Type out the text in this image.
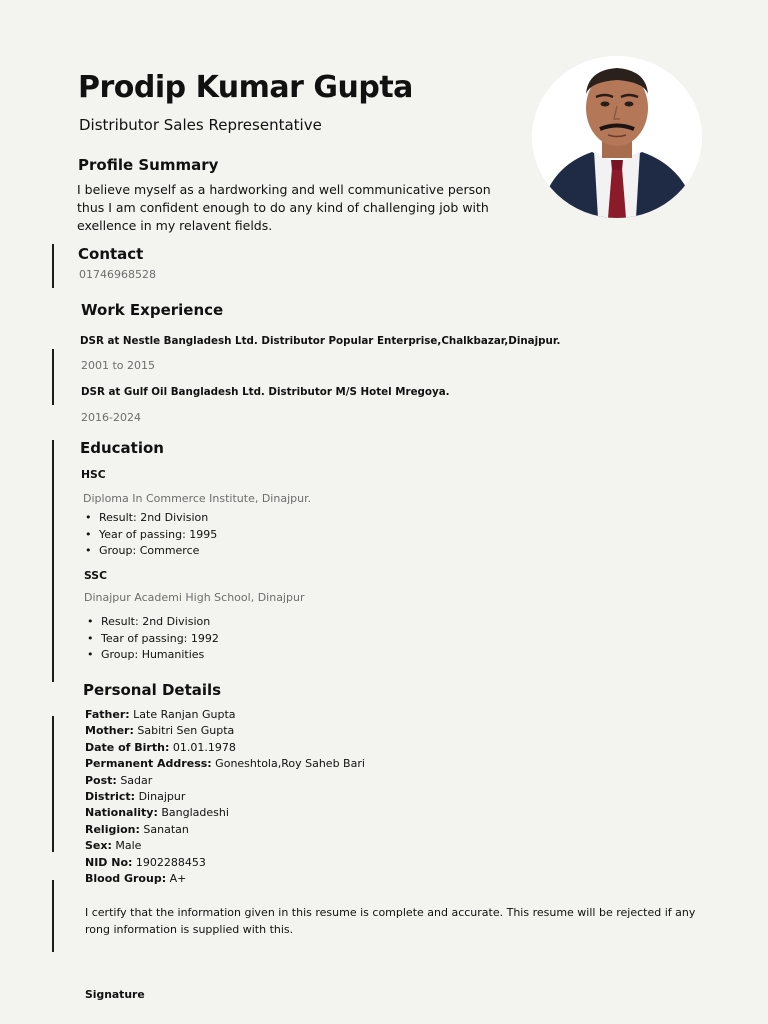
Prodip Kumar Gupta

Distributor Sales Representative

Profile Summary

I believe myself as a hardworking and well communicative person thus I am confident enough to do any kind of challenging job with exellence in my relavent fields.

Contact

01746968528

Work Experience

DSR at Nestle Bangladesh Ltd. Distributor Popular Enterprise,Chalkbazar,Dinajpur.

2001 to 2015

DSR at Gulf Oil Bangladesh Ltd. Distributor M/S Hotel Mregoya.

2016-2024

Education

HSC

Diploma In Commerce Institute, Dinajpur.

• Result: 2nd Division
• Year of passing: 1995
• Group: Commerce

SSC

Dinajpur Academi High School, Dinajpur

• Result: 2nd Division
• Tear of passing: 1992
• Group: Humanities
Personal Details
Father: Late Ranjan Gupta
Mother: Sabitri Sen Gupta
Date of Birth: 01.01.1978
Permanent Address: Goneshtola,Roy Saheb Bari
Post: Sadar
District: Dinajpur
Nationality: Bangladeshi
Religion: Sanatan
Sex: Male
NID No: 1902288453
Blood Group: A+

I certify that the information given in this resume is complete and accurate. This resume will be rejected if any rong information is supplied with this.

Signature
